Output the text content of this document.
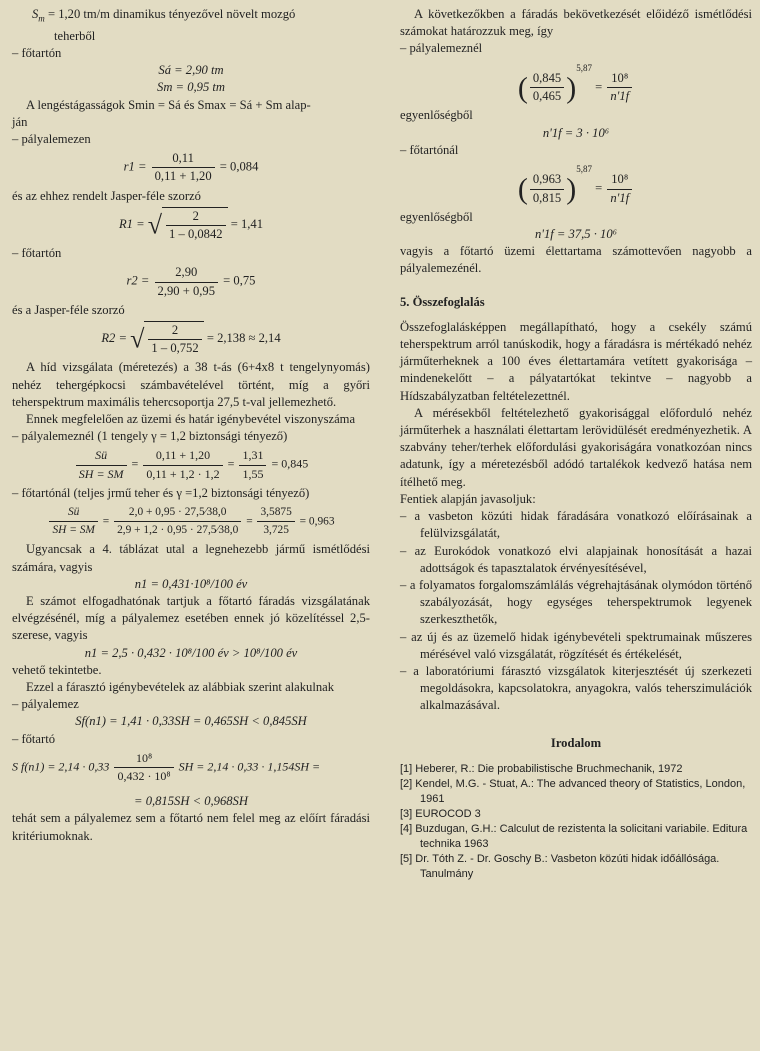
$S_m = 1,20$ tm/m dinamikus tényezővel növelt mozgó

teherből

– főtartón

Sá = 2,90 tm

Sm = 0,95 tm

A lengéstágasságok Smin = Sá és Smax = Sá + Sm alap-

ján

– pályalemezen

$r1 = \frac{0,11}{0,11 + 1,20} = 0,084$

és az ehhez rendelt Jasper-féle szorzó

R1 = √ $\frac{2}{1 - 0,0842} = 1,41$

– főtartón

$r2 = \frac{2,90}{2,90 + 0,95} = 0,75$

és a Jasper-féle szorzó

R2 = √ $\frac{2}{1 - 0,752} = 2,138 \approx 2,14$

A híd vizsgálata (méretezés) a 38 t-ás (6+4x8 t tengelynyomás) nehéz tehergépkocsi számbavételével történt, míg a győri teherspektrum maximális tehercsoportja 27,5 t-val jellemezhető.

Ennek megfelelően az üzemi és határ igénybevétel viszonyszáma

– pályalemeznél (1 tengely γ = 1,2 biztonsági tényező)

$\frac{Sü}{SH = SM} = \frac{0,11 + 1,20}{0,11 + 1,2 \cdot 1,2} = \frac{1,31}{1,55} = 0,845$

– főtartónál (teljes jrmű teher és γ =1,2 biztonsági tényező)

$\frac{Sü}{SH = SM} = \frac{2,0 + 0,95 \cdot 27,5⁄38,0}{2,9 + 1,2 \cdot 0,95 \cdot 27,5⁄38,0} = \frac{3,5875}{3,725} = 0,963$

Ugyancsak a 4. táblázat utal a legnehezebb jármű ismétlődési számára, vagyis

n1 = 0,431·10⁸/100 év

E számot elfogadhatónak tartjuk a főtartó fáradás vizsgálatának elvégzésénél, míg a pályalemez esetében ennek jó közelítéssel 2,5-szerese, vagyis

n1 = 2,5 · 0,432 · 10⁸/100 év > 10⁸/100 év

vehető tekintetbe.

Ezzel a fárasztó igénybevételek az alábbiak szerint alakulnak

– pályalemez

Sf(n1) = 1,41 · 0,33SH = 0,465SH < 0,845SH

– főtartó

S $f(n1) = 2,14 \cdot 0,33 \frac{\text{10⁸}}{\text{0,432 · 10⁸}}$ SH = 2,14 · 0,33 · 1,154SH =

= 0,815SH < 0,968SH

tehát sem a pályalemez sem a főtartó nem felel meg az előírt fáradási kritériumoknak.

A következőkben a fáradás bekövetkezését előidéző ismétlődési számokat határozzuk meg, így

– pályalemeznél

( $\frac{0,845}{0,465} )^{5,87} = \frac{\text{10⁸}}{n'1f}$

egyenlőségből

n'1f = 3 · 10⁶

– főtartónál

( $\frac{0,963}{0,815} )^{5,87} = \frac{\text{10⁸}}{n'1f}$

egyenlőségből

n'1f = 37,5 · 10⁶

vagyis a főtartó üzemi élettartama számottevően nagyobb a pályalemezénél.

5. Összefoglalás

Összefoglalásképpen megállapítható, hogy a csekély számú teherspektrum arról tanúskodik, hogy a fáradásra is mértékadó nehéz járműterheknek a 100 éves élettartamára vetített gyakorisága – mindenekelőtt – a pályatartókat tekintve – nagyobb a Hídszabályzatban feltételezettnél.

A mérésekből feltételezhető gyakorisággal előforduló nehéz járműterhek a használati élettartam lerövidülését eredményezhetik. A szabvány teher/terhek előfordulási gyakoriságára vonatkozóan nincs adatunk, így a méretezésből adódó tartalékok kedvező hatása nem ítélhető meg.

Fentiek alapján javasoljuk:

– a vasbeton közúti hidak fáradására vonatkozó előírásainak a felülvizsgálatát,

– az Eurokódok vonatkozó elvi alapjainak honosítását a hazai adottságok és tapasztalatok érvényesítésével,

– a folyamatos forgalomszámlálás végrehajtásának olymódon történő szabályozását, hogy egységes teherspektrumok legyenek szerkeszthetők,

– az új és az üzemelő hidak igénybevételi spektrumainak műszeres mérésével való vizsgálatát, rögzítését és értékelését,

– a laboratóriumi fárasztó vizsgálatok kiterjesztését új szerkezeti megoldásokra, kapcsolatokra, anyagokra, valós teherszimulációk alkalmazásával.

Irodalom

[1] Heberer, R.: Die probabilistische Bruchmechanik, 1972

[2] Kendel, M.G. - Stuat, A.: The advanced theory of Statistics, London, 1961

[3] EUROCOD 3

[4] Buzdugan, G.H.: Calculut de rezistenta la solicitani variabile. Editura technika 1963

[5] Dr. Tóth Z. - Dr. Goschy B.: Vasbeton közúti hidak időállósága. Tanulmány
